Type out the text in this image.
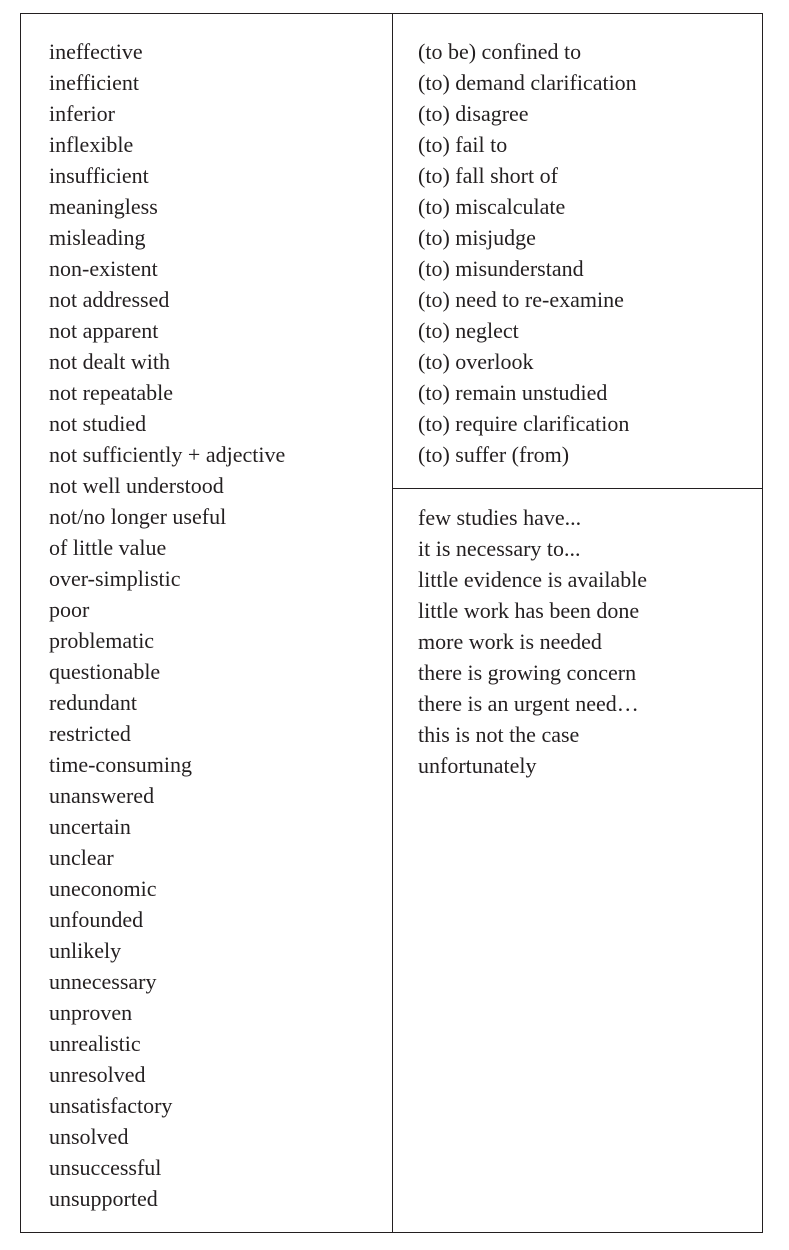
ineffective
inefficient
inferior
inflexible
insufficient
meaningless
misleading
non-existent
not addressed
not apparent
not dealt with
not repeatable
not studied
not sufficiently + adjective
not well understood
not/no longer useful
of little value
over-simplistic
poor
problematic
questionable
redundant
restricted
time-consuming
unanswered
uncertain
unclear
uneconomic
unfounded
unlikely
unnecessary
unproven
unrealistic
unresolved
unsatisfactory
unsolved
unsuccessful
unsupported
(to be) confined to
(to) demand clarification
(to) disagree
(to) fail to
(to) fall short of
(to) miscalculate
(to) misjudge
(to) misunderstand
(to) need to re-examine
(to) neglect
(to) overlook
(to) remain unstudied
(to) require clarification
(to) suffer (from)
few studies have...
it is necessary to...
little evidence is available
little work has been done
more work is needed
there is growing concern
there is an urgent need…
this is not the case
unfortunately
